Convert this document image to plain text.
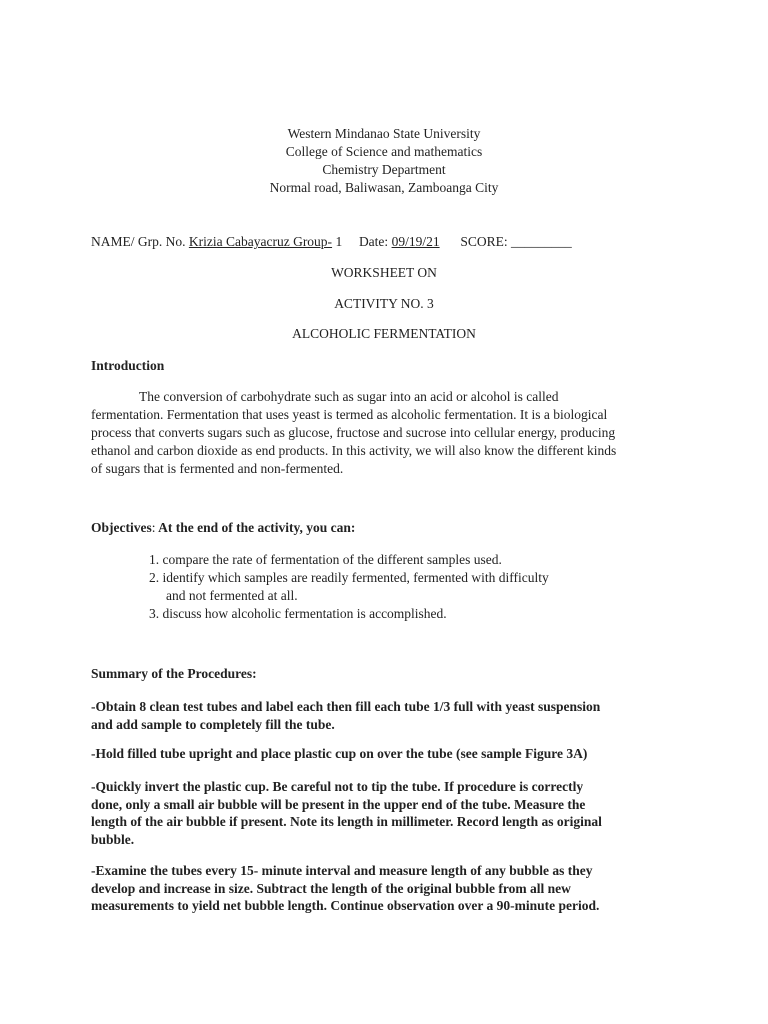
Western Mindanao State University
College of Science and mathematics
Chemistry Department
Normal road, Baliwasan, Zamboanga City
NAME/ Grp. No. Krizia Cabayacruz Group- 1 Date: 09/19/21 SCORE: _________
WORKSHEET ON
ACTIVITY NO. 3
ALCOHOLIC FERMENTATION
Introduction
The conversion of carbohydrate such as sugar into an acid or alcohol is called
fermentation. Fermentation that uses yeast is termed as alcoholic fermentation. It is a biological
process that converts sugars such as glucose, fructose and sucrose into cellular energy, producing
ethanol and carbon dioxide as end products. In this activity, we will also know the different kinds
of sugars that is fermented and non-fermented.
Objectives: At the end of the activity, you can:
1. compare the rate of fermentation of the different samples used.
2. identify which samples are readily fermented, fermented with difficulty
and not fermented at all.
3. discuss how alcoholic fermentation is accomplished.
Summary of the Procedures:
-Obtain 8 clean test tubes and label each then fill each tube 1/3 full with yeast suspension
and add sample to completely fill the tube.
-Hold filled tube upright and place plastic cup on over the tube (see sample Figure 3A)
-Quickly invert the plastic cup. Be careful not to tip the tube. If procedure is correctly
done, only a small air bubble will be present in the upper end of the tube. Measure the
length of the air bubble if present. Note its length in millimeter. Record length as original
bubble.
-Examine the tubes every 15- minute interval and measure length of any bubble as they
develop and increase in size. Subtract the length of the original bubble from all new
measurements to yield net bubble length. Continue observation over a 90-minute period.
